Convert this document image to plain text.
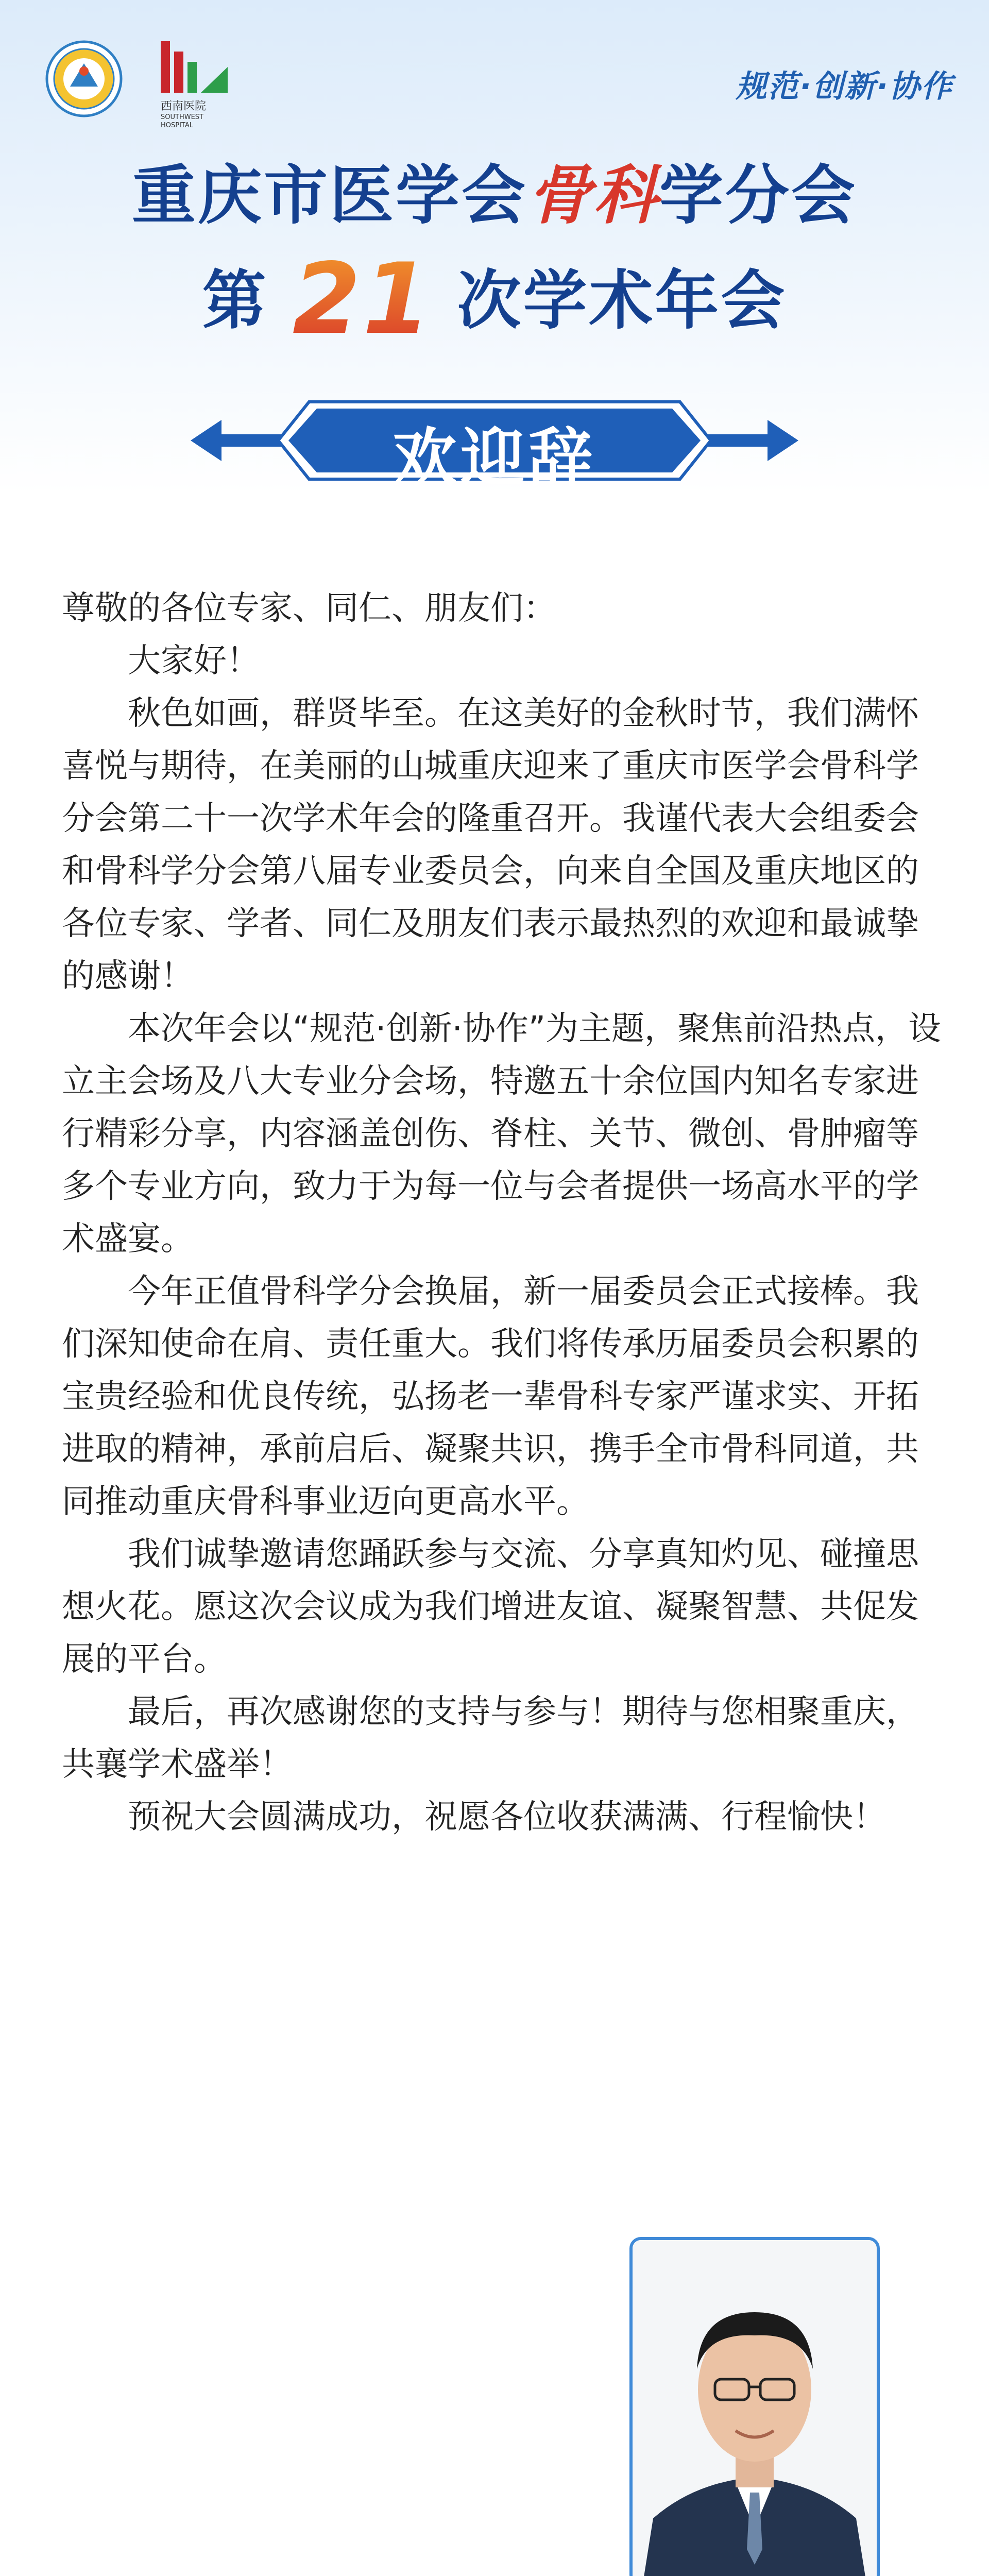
西南医院
SOUTHWEST HOSPITAL
规范·创新·协作
重庆市医学会骨科学分会
第 21 次学术年会
欢迎辞

尊敬的各位专家、同仁、朋友们：

大家好！

秋色如画，群贤毕至。在这美好的金秋时节，我们满怀喜悦与期待，在美丽的山城重庆迎来了重庆市医学会骨科学分会第二十一次学术年会的隆重召开。我谨代表大会组委会和骨科学分会第八届专业委员会，向来自全国及重庆地区的各位专家、学者、同仁及朋友们表示最热烈的欢迎和最诚挚的感谢！

本次年会以“规范·创新·协作”为主题，聚焦前沿热点，设立主会场及八大专业分会场，特邀五十余位国内知名专家进行精彩分享，内容涵盖创伤、脊柱、关节、微创、骨肿瘤等多个专业方向，致力于为每一位与会者提供一场高水平的学术盛宴。

今年正值骨科学分会换届，新一届委员会正式接棒。我们深知使命在肩、责任重大。我们将传承历届委员会积累的宝贵经验和优良传统，弘扬老一辈骨科专家严谨求实、开拓进取的精神，承前启后、凝聚共识，携手全市骨科同道，共同推动重庆骨科事业迈向更高水平。

我们诚挚邀请您踊跃参与交流、分享真知灼见、碰撞思想火花。愿这次会议成为我们增进友谊、凝聚智慧、共促发展的平台。

最后，再次感谢您的支持与参与！期待与您相聚重庆，共襄学术盛举！

预祝大会圆满成功，祝愿各位收获满满、行程愉快！
